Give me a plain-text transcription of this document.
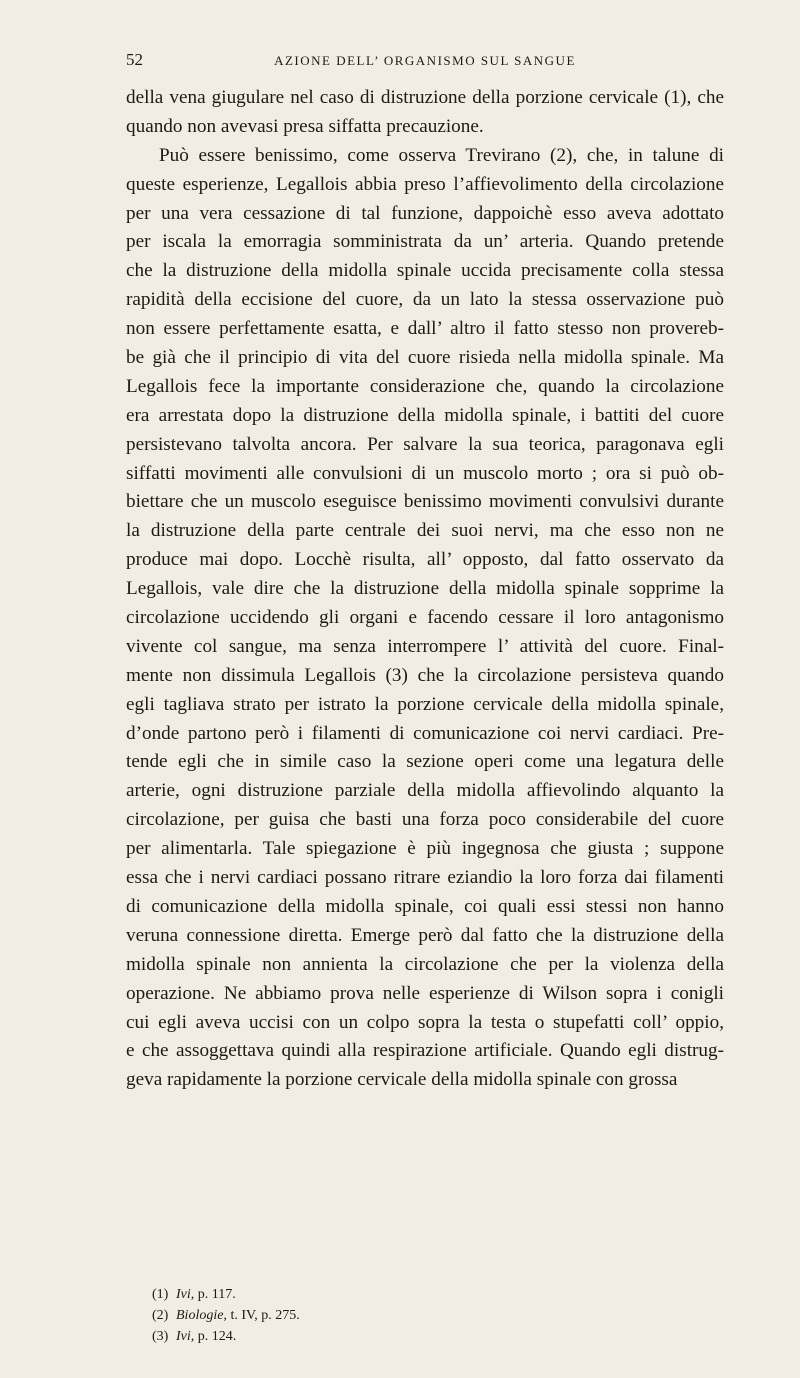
52	AZIONE DELL’ ORGANISMO SUL SANGUE
della vena giugulare nel caso di distruzione della porzione cervicale (1), che
quando non avevasi presa siffatta precauzione.
Può essere benissimo, come osserva Trevirano (2), che, in talune di
queste esperienze, Legallois abbia preso l’affievolimento della circolazione
per una vera cessazione di tal funzione, dappoichè esso aveva adottato
per iscala la emorragia somministrata da un’ arteria. Quando pretende
che la distruzione della midolla spinale uccida precisamente colla stessa
rapidità della eccisione del cuore, da un lato la stessa osservazione può
non essere perfettamente esatta, e dall’ altro il fatto stesso non provereb-
be già che il principio di vita del cuore risieda nella midolla spinale. Ma
Legallois fece la importante considerazione che, quando la circolazione
era arrestata dopo la distruzione della midolla spinale, i battiti del cuore
persistevano talvolta ancora. Per salvare la sua teorica, paragonava egli
siffatti movimenti alle convulsioni di un muscolo morto ; ora si può ob-
biettare che un muscolo eseguisce benissimo movimenti convulsivi durante
la distruzione della parte centrale dei suoi nervi, ma che esso non ne
produce mai dopo. Locchè risulta, all’ opposto, dal fatto osservato da
Legallois, vale dire che la distruzione della midolla spinale sopprime la
circolazione uccidendo gli organi e facendo cessare il loro antagonismo
vivente col sangue, ma senza interrompere l’ attività del cuore. Final-
mente non dissimula Legallois (3) che la circolazione persisteva quando
egli tagliava strato per istrato la porzione cervicale della midolla spinale,
d’onde partono però i filamenti di comunicazione coi nervi cardiaci. Pre-
tende egli che in simile caso la sezione operi come una legatura delle
arterie, ogni distruzione parziale della midolla affievolindo alquanto la
circolazione, per guisa che basti una forza poco considerabile del cuore
per alimentarla. Tale spiegazione è più ingegnosa che giusta ; suppone
essa che i nervi cardiaci possano ritrare eziandio la loro forza dai filamenti
di comunicazione della midolla spinale, coi quali essi stessi non hanno
veruna connessione diretta. Emerge però dal fatto che la distruzione della
midolla spinale non annienta la circolazione che per la violenza della
operazione. Ne abbiamo prova nelle esperienze di Wilson sopra i conigli
cui egli aveva uccisi con un colpo sopra la testa o stupefatti coll’ oppio,
e che assoggettava quindi alla respirazione artificiale. Quando egli distrug-
geva rapidamente la porzione cervicale della midolla spinale con grossa
(1) Ivi, p. 117.
(2) Biologie, t. IV, p. 275.
(3) Ivi, p. 124.
